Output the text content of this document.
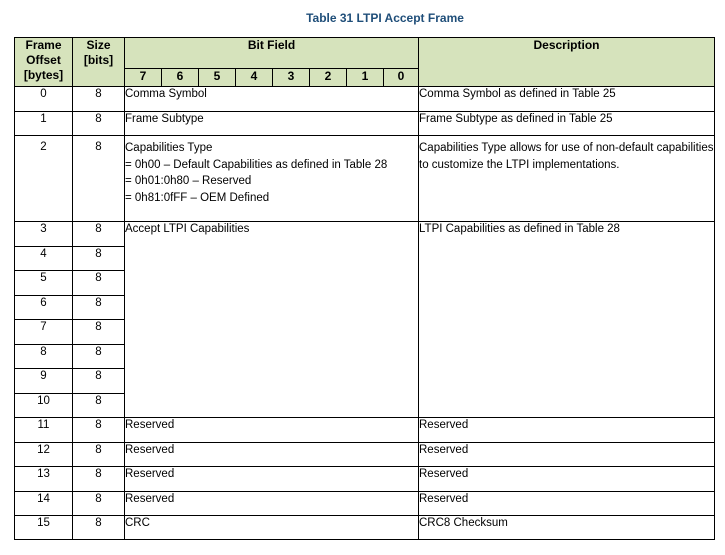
Table 31 LTPI Accept Frame
Frame
Offset
[bytes]	Size
[bits]	Bit Field								Description
		7	6	5	4	3	2	1	0	
0	8	Comma Symbol								Comma Symbol as defined in Table 25
1	8	Frame Subtype								Frame Subtype as defined in Table 25
2	8	Capabilities Type
= 0h00 – Default Capabilities as defined in Table 28
= 0h01:0h80 – Reserved
= 0h81:0fFF – OEM Defined								Capabilities Type allows for use of non-default capabilities to customize the LTPI implementations.
3	8	Accept LTPI Capabilities								LTPI Capabilities as defined in Table 28
4	8									
5	8									
6	8									
7	8									
8	8									
9	8									
10	8									
11	8	Reserved								Reserved
12	8	Reserved								Reserved
13	8	Reserved								Reserved
14	8	Reserved								Reserved
15	8	CRC								CRC8 Checksum
